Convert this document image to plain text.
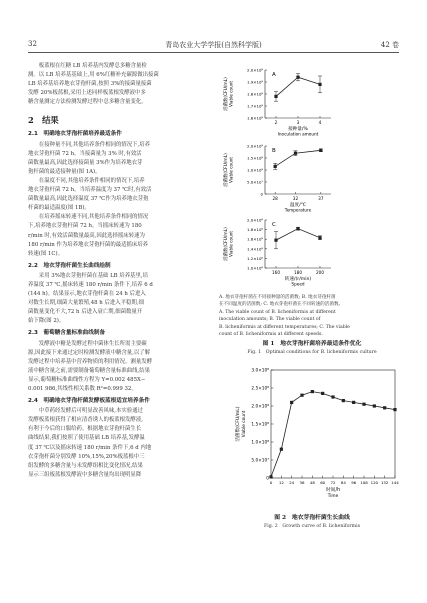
32	青岛农业大学学报(自然科学版)	42 卷

板蓝根在红糖 LB 培养基内发酵总多糖含量检

测。以 LB 培养基基础上,用 6%红糖补充碳源做出接菌

LB 培养基培养地衣芽孢杆菌,按照 3%的接菌量接菌

发酵 20%板蓝根,采用上述同样板蓝根发酵液中多

糖含量测定方法检测发酵过程中总多糖含量变化。

2　结果
2.1　明确地衣芽孢杆菌培养最适条件

在接种量不同,其他培养条件相同的情况下,培养

地衣芽孢杆菌 72 h。当接菌量为 3% 时,有效活

菌数量最高,因此选择接菌量 3%作为培养地衣芽

孢杆菌的最适接种量(图 1A)。

在温度不同,其他培养条件相同的情况下,培养

地衣芽孢杆菌 72 h。当培养温度为 37 ℃时,有效活

菌数量最高,因此选择温度 37 ℃作为培养地衣芽孢

杆菌的最适温度(图 1B)。

在培养摇床转速不同,其他培养条件相同的情况

下,培养地衣芽孢杆菌 72 h。当摇床转速为 180

r/min 时,有效活菌数量最高,因此选择摇床转速为

180 r/min 作为培养地衣芽孢杆菌的最适摇床培养

转速(图 1C)。

2.2　地衣芽孢杆菌生长曲线绘制

采用 3%地衣芽孢杆菌在基础 LB 培养基里,培

养温度 37 ℃,摇床转速 180 r/min 条件下,培养 6 d

(144 h)。结果显示,地衣芽孢杆菌在 24 h 后进入

对数生长期,细菌大量繁殖,48 h 后进入平稳期,细

菌数量变化不大,72 h 后进入衰亡期,细菌数量开

始下降(图 2)。

2.3　葡萄糖含量标准曲线制备

发酵液中糖是发酵过程中菌体生长所需主要碳

源,因此接下来通过定时检测发酵液中糖含量,以了解

发酵过程中培养基中营养物质的利用情况。测量发酵

液中糖含量之前,需要制备葡萄糖含量标准曲线,结果

显示,葡萄糖标准曲线性方程为 Y=0.002 485X−

0.001 986,其线性相关系数 R²=0.999 32。

2.4　明确地衣芽孢杆菌发酵板蓝根适宜培养条件

中草药经发酵后可明显改善风味,本实验通过

发酵板蓝根获得了相应清香诱人的板蓝根发酵液,

有利于今后的口服给药。根据地衣芽孢杆菌生长

曲线结果,我们按照了使用基础 LB 培养基,发酵温

度 37 ℃以及摇床转速 180 r/min 条件下,6 d 内地

衣芽孢杆菌分别发酵 10%,15%,20%板蓝根中三

组发酵的多糖含量与未发酵组相比变化情况,结果

显示三组板蓝根发酵液中多糖含量均出现明显降

A
2.0×10⁸
1.9×10⁸
1.8×10⁸
1.7×10⁸
1.6×10⁸
2	3	4
接种量/%
Inoculation amount
活菌数(CFU/mL) Viable count
B
2.0×10⁸
1.5×10⁸
1.0×10⁸
5.0×10⁷
0
28	32	37
温度/℃
Temperature
活菌数(CFU/mL) Viable count
C
2.0×10⁸
1.8×10⁸
1.6×10⁸
1.4×10⁸
1.2×10⁸
1.0×10⁸
160	180	200
转速/(r/min)
Speed
活菌数(CFU/mL) Viable count

A. 地衣芽孢杆菌在不同接种量的活菌数; B. 地衣芽孢杆菌

在不同温度的活菌数; C. 地衣芽孢杆菌在不同转速的活菌数。

A. The viable count of B. licheniformis at different

inoculation amounts; B. The viable count of

B. licheniformis at different temperatures; C. The viable

count of B. licheniformis at different speeds.

图 1　地衣芽孢杆菌培养最适条件优化
Fig. 1　Optimal conditions for B. licheniformis culture
3.0×10⁸
2.5×10⁸
2.0×10⁸
1.5×10⁸
1.0×10⁸
5.0×10⁷
0
0 12 24 36 48 60 72 84 96 108 120 132 144
时间/h
Time
活菌数(CFU/mL) Viable count
图 2　地衣芽孢杆菌生长曲线
Fig. 2　Growth curve of B. licheniformis
